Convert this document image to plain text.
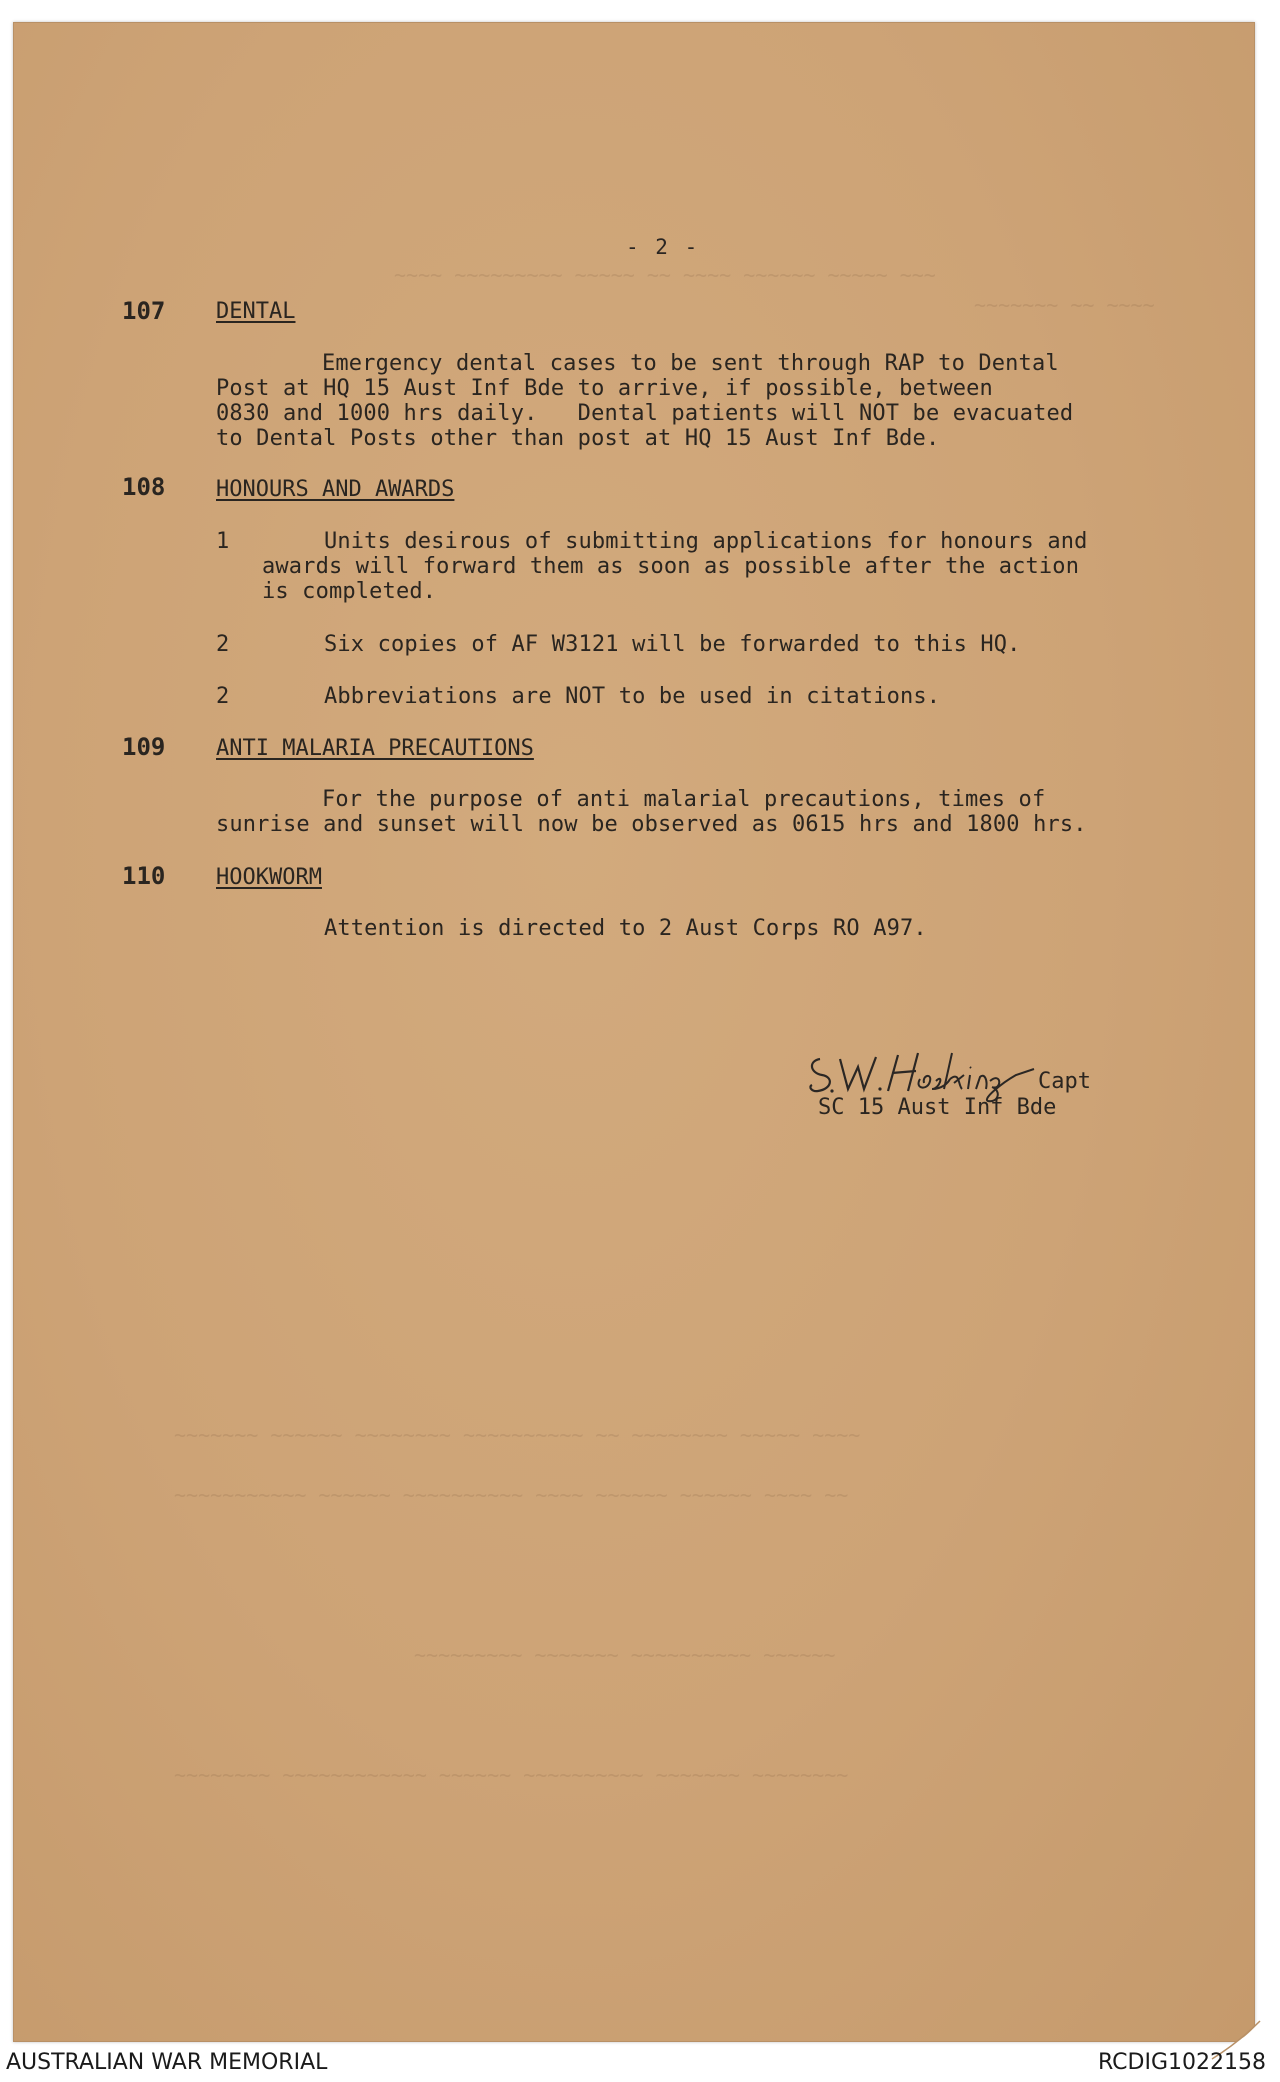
- 2 -
107 DENTAL
Emergency dental cases to be sent through RAP to Dental
Post at HQ 15 Aust Inf Bde to arrive, if possible, between
0830 and 1000 hrs daily.   Dental patients will NOT be evacuated
to Dental Posts other than post at HQ 15 Aust Inf Bde.
108 HONOURS AND AWARDS
1	Units desirous of submitting applications for honours and
awards will forward them as soon as possible after the action
is completed.
2	Six copies of AF W3121 will be forwarded to this HQ.
2	Abbreviations are NOT to be used in citations.
109 ANTI MALARIA PRECAUTIONS
For the purpose of anti malarial precautions, times of
sunrise and sunset will now be observed as 0615 hrs and 1800 hrs.
110 HOOKWORM
Attention is directed to 2 Aust Corps RO A97.
~~~~ ~~~~~~~~~ ~~~~~ ~~ ~~~~ ~~~~~~ ~~~~~ ~~~
~~~~~~~ ~~ ~~~~
~~~~~~~ ~~~~~~ ~~~~~~~~ ~~~~~~~~~~ ~~ ~~~~~~~~ ~~~~~ ~~~~
~~~~~~~~~~~ ~~~~~~ ~~~~~~~~~~ ~~~~ ~~~~~~ ~~~~~~ ~~~~ ~~
~~~~~~~~~ ~~~~~~~ ~~~~~~~~~~ ~~~~~~
~~~~~~~~ ~~~~~~~~~~~~ ~~~~~~ ~~~~~~~~~~ ~~~~~~~ ~~~~~~~~
Capt
SC 15 Aust Inf Bde
AUSTRALIAN WAR MEMORIAL	RCDIG1022158
